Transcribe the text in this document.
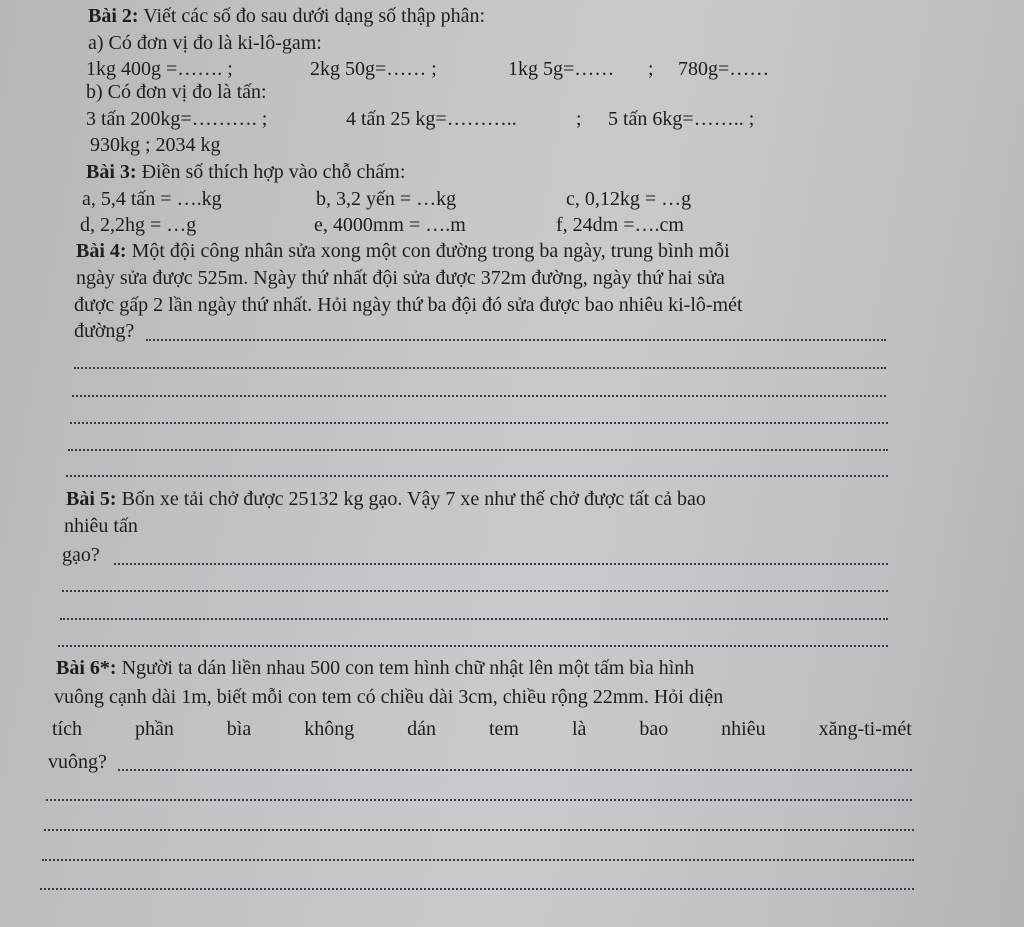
Bài 2: Viết các số đo sau dưới dạng số thập phân:
a) Có đơn vị đo là ki-lô-gam:
1kg 400g =……. ;	2kg 50g=…… ;	1kg 5g=…… ; 780g=……
b) Có đơn vị đo là tấn:
3 tấn 200kg=………. ;	4 tấn 25 kg=………..	; 5 tấn 6kg=…….. ;
930kg ; 2034 kg
Bài 3: Điền số thích hợp vào chỗ chấm:
a, 5,4 tấn = ….kg	b, 3,2 yến = …kg	c, 0,12kg = …g
d, 2,2hg = …g	e, 4000mm = ….m	f, 24dm =….cm
Bài 4: Một đội công nhân sửa xong một con đường trong ba ngày, trung bình mỗi
ngày sửa được 525m. Ngày thứ nhất đội sửa được 372m đường, ngày thứ hai sửa
được gấp 2 lần ngày thứ nhất. Hỏi ngày thứ ba đội đó sửa được bao nhiêu ki-lô-mét
đường?
Bài 5: Bốn xe tải chở được 25132 kg gạo. Vậy 7 xe như thế chở được tất cả bao
nhiêu tấn
gạo?
Bài 6*: Người ta dán liền nhau 500 con tem hình chữ nhật lên một tấm bìa hình
vuông cạnh dài 1m, biết mỗi con tem có chiều dài 3cm, chiều rộng 22mm. Hỏi diện
tích	phần	bìa	không	dán	tem	là	bao	nhiêu	xăng-ti-mét
vuông?
